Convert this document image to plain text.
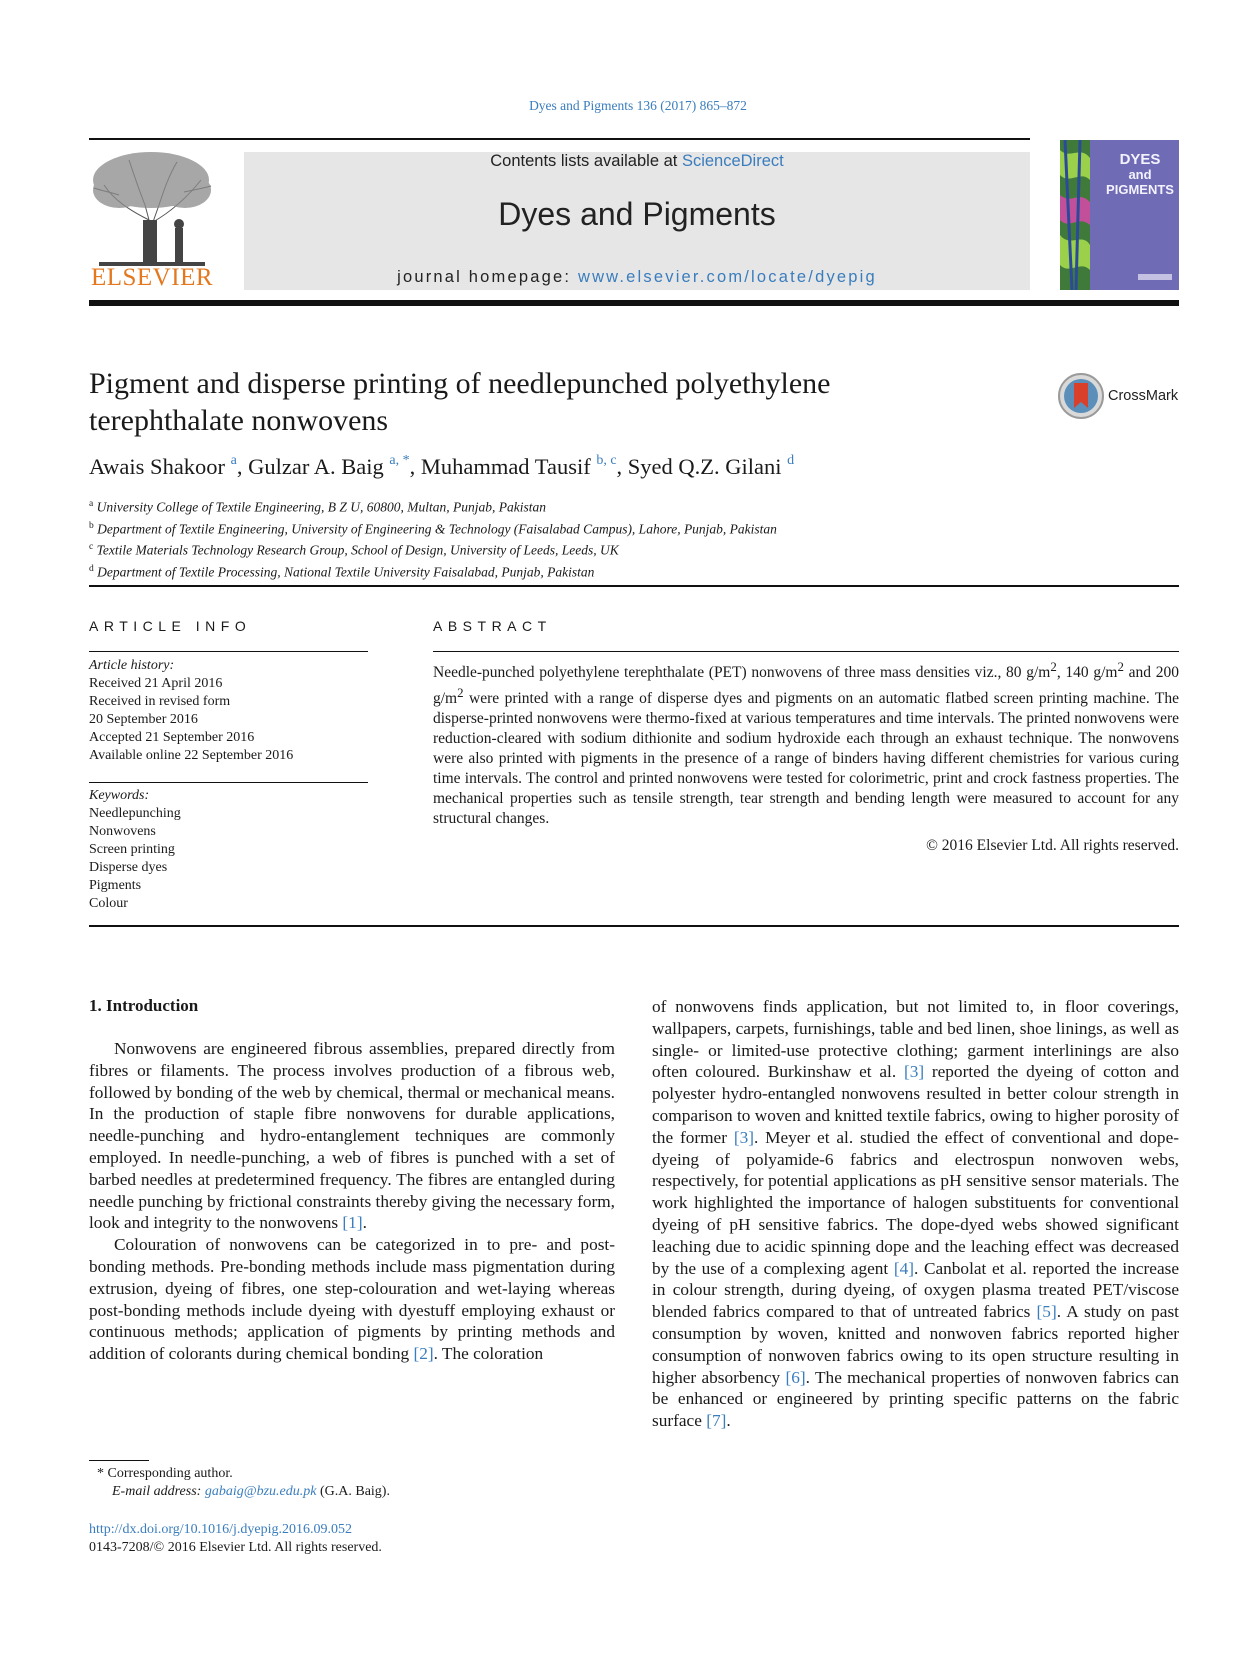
Dyes and Pigments 136 (2017) 865–872
ELSEVIER
Contents lists available at ScienceDirect
Dyes and Pigments
journal homepage: www.elsevier.com/locate/dyepig
DYES
and
PIGMENTS
Pigment and disperse printing of needlepunched polyethylene terephthalate nonwovens
CrossMark
Awais Shakoor $^a$, Gulzar A. Baig $^{a, *}$, Muhammad Tausif $^{b, c}$, Syed Q.Z. Gilani $^d$
$^a$ University College of Textile Engineering, B Z U, 60800, Multan, Punjab, Pakistan
$^b$ Department of Textile Engineering, University of Engineering & Technology (Faisalabad Campus), Lahore, Punjab, Pakistan
$^c$ Textile Materials Technology Research Group, School of Design, University of Leeds, Leeds, UK
$^d$ Department of Textile Processing, National Textile University Faisalabad, Punjab, Pakistan
ARTICLE INFO
Article history:
Received 21 April 2016
Received in revised form
20 September 2016
Accepted 21 September 2016
Available online 22 September 2016
Keywords:
Needlepunching
Nonwovens
Screen printing
Disperse dyes
Pigments
Colour
ABSTRACT
Needle-punched polyethylene terephthalate (PET) nonwovens of three mass densities viz., 80 $g/m^2$, 140 $g/m^2$ and 200 $g/m^2$ were printed with a range of disperse dyes and pigments on an automatic flatbed screen printing machine. The disperse-printed nonwovens were thermo-fixed at various temperatures and time intervals. The printed nonwovens were reduction-cleared with sodium dithionite and sodium hydroxide each through an exhaust technique. The nonwovens were also printed with pigments in the presence of a range of binders having different chemistries for various curing time intervals. The control and printed nonwovens were tested for colorimetric, print and crock fastness properties. The mechanical properties such as tensile strength, tear strength and bending length were measured to account for any structural changes.
© 2016 Elsevier Ltd. All rights reserved.
1. Introduction

Nonwovens are engineered fibrous assemblies, prepared directly from fibres or filaments. The process involves production of a fibrous web, followed by bonding of the web by chemical, thermal or mechanical means. In the production of staple fibre nonwovens for durable applications, needle-punching and hydro-entanglement techniques are commonly employed. In needle-punching, a web of fibres is punched with a set of barbed needles at predetermined frequency. The fibres are entangled during needle punching by frictional constraints thereby giving the necessary form, look and integrity to the nonwovens [1].

Colouration of nonwovens can be categorized in to pre- and post-bonding methods. Pre-bonding methods include mass pigmentation during extrusion, dyeing of fibres, one step-colouration and wet-laying whereas post-bonding methods include dyeing with dyestuff employing exhaust or continuous methods; application of pigments by printing methods and addition of colorants during chemical bonding [2]. The coloration

of nonwovens finds application, but not limited to, in floor coverings, wallpapers, carpets, furnishings, table and bed linen, shoe linings, as well as single- or limited-use protective clothing; garment interlinings are also often coloured. Burkinshaw et al. [3] reported the dyeing of cotton and polyester hydro-entangled nonwovens resulted in better colour strength in comparison to woven and knitted textile fabrics, owing to higher porosity of the former [3]. Meyer et al. studied the effect of conventional and dope-dyeing of polyamide-6 fabrics and electrospun nonwoven webs, respectively, for potential applications as pH sensitive sensor materials. The work highlighted the importance of halogen substituents for conventional dyeing of pH sensitive fabrics. The dope-dyed webs showed significant leaching due to acidic spinning dope and the leaching effect was decreased by the use of a complexing agent [4]. Canbolat et al. reported the increase in colour strength, during dyeing, of oxygen plasma treated PET/viscose blended fabrics compared to that of untreated fabrics [5]. A study on past consumption by woven, knitted and nonwoven fabrics reported higher consumption of nonwoven fabrics owing to its open structure resulting in higher absorbency [6]. The mechanical properties of nonwoven fabrics can be enhanced or engineered by printing specific patterns on the fabric surface [7].

* Corresponding author.
E-mail address: gabaig@bzu.edu.pk (G.A. Baig).
http://dx.doi.org/10.1016/j.dyepig.2016.09.052
0143-7208/© 2016 Elsevier Ltd. All rights reserved.
